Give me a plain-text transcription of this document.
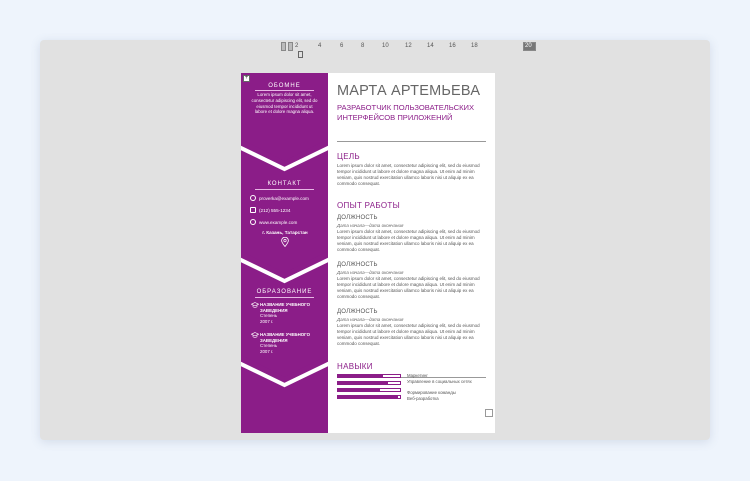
2	4	6	8	10	12	14	16	18	20
ОБОМНЕ
Lorem ipsum dolor sit amet, consectetur adipiscing elit, sed do eiusmod tempor incididunt ut labore et dolore magna aliqua.
КОНТАКТ
proverka@example.com
(212) 555-1234
www.example.com
г. Казань, Татарстан
ОБРАЗОВАНИЕ
НАЗВАНИЕ УЧЕБНОГО ЗАВЕДЕНИЯ
Степень
2007 г.
НАЗВАНИЕ УЧЕБНОГО ЗАВЕДЕНИЯ
Степень
2007 г.
+
МАРТА АРТЕМЬЕВА
РАЗРАБОТЧИК ПОЛЬЗОВАТЕЛЬСКИХ ИНТЕРФЕЙСОВ ПРИЛОЖЕНИЙ
ЦЕЛЬ
Lorem ipsum dolor sit amet, consectetur adipiscing elit, sed do eiusmod tempor incididunt ut labore et dolore magna aliqua. Ut enim ad minim veniam, quis nostrud exercitation ullamco laboris nisi ut aliquip ex ea commodo consequat.
ОПЫТ РАБОТЫ
ДОЛЖНОСТЬ
Дата начала—дата окончания
Lorem ipsum dolor sit amet, consectetur adipiscing elit, sed do eiusmod tempor incididunt ut labore et dolore magna aliqua. Ut enim ad minim veniam, quis nostrud exercitation ullamco laboris nisi ut aliquip ex ea commodo consequat.
ДОЛЖНОСТЬ
Дата начала—дата окончания
Lorem ipsum dolor sit amet, consectetur adipiscing elit, sed do eiusmod tempor incididunt ut labore et dolore magna aliqua. Ut enim ad minim veniam, quis nostrud exercitation ullamco laboris nisi ut aliquip ex ea commodo consequat.
ДОЛЖНОСТЬ
Дата начала—дата окончания
Lorem ipsum dolor sit amet, consectetur adipiscing elit, sed do eiusmod tempor incididunt ut labore et dolore magna aliqua. Ut enim ad minim veniam, quis nostrud exercitation ullamco laboris nisi ut aliquip ex ea commodo consequat.
НАВЫКИ
Маркетинг
Управление в социальных сетях
Формирование команды
Веб-разработка
